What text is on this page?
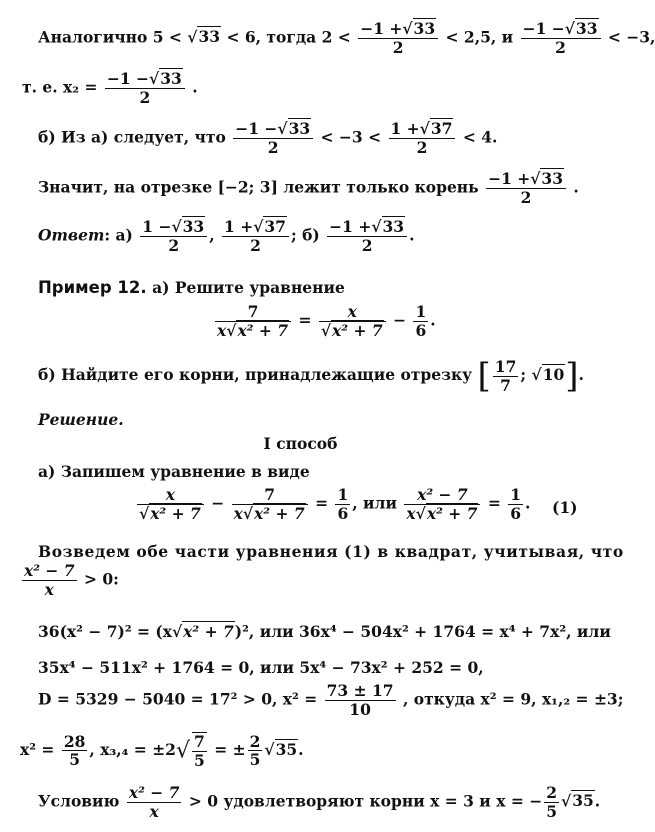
Аналогично 5 < √33 < 6, тогда $2 < \frac{-1 +√33}{2} < 2,5$, и $\frac{-1 -√33}{2} < -3$,
т. е. $x_2 = \frac{-1 -√33}{2}$ .
б) Из а) следует, что $\frac{-1 -√33}{2} < -3 < \frac{1 +√37}{2} < 4$.
Значит, на отрезке [−2; 3] лежит только корень $\frac{-1 +√33}{2}$ .
Ответ: $а) \frac{1 -√33}{2}$ , $\frac{1 +√37}{2}$ ; $б) \frac{-1 +√33}{2}$ .
Пример 12. а) Решите уравнение
$\frac{7}{\text{x√x² + 7}} = \frac{x}{\text{√x² + 7}} - \frac{1}{6}$ .
б) Найдите его корни, принадлежащие отрезку [ $\frac{17}{7}$ ; √10].
Решение.
I способ
а) Запишем уравнение в виде
$\frac{x}{\text{√x² + 7}} - \frac{7}{\text{x√x² + 7}} = \frac{1}{6}$ , или $\frac{\text{x² − 7}}{\text{x√x² + 7}} = \frac{1}{6}$ . (1)
Возведем обе части уравнения (1) в квадрат, учитывая, что
$\frac{\text{x² − 7}}{x} > 0$:
36(x² − 7)² = (x√x² + 7)², или 36x⁴ − 504x² + 1764 = x⁴ + 7x², или
35x⁴ − 511x² + 1764 = 0, или 5x⁴ − 73x² + 252 = 0,
D = 5329 − 5040 = 17² > 0, $x^2 = \frac{73 \pm 17}{10}$ , откуда x² = 9, x₁,₂ = ±3;
$x^2 = \frac{28}{5}$ , $x_3,_4 = \pm 2√ \frac{7}{5}$ = ± $\frac{2}{5} √35$.
Условию $\frac{\text{x² − 7}}{x} > 0$ удовлетворяют корни x = 3 и x = − $\frac{2}{5} √35$.
